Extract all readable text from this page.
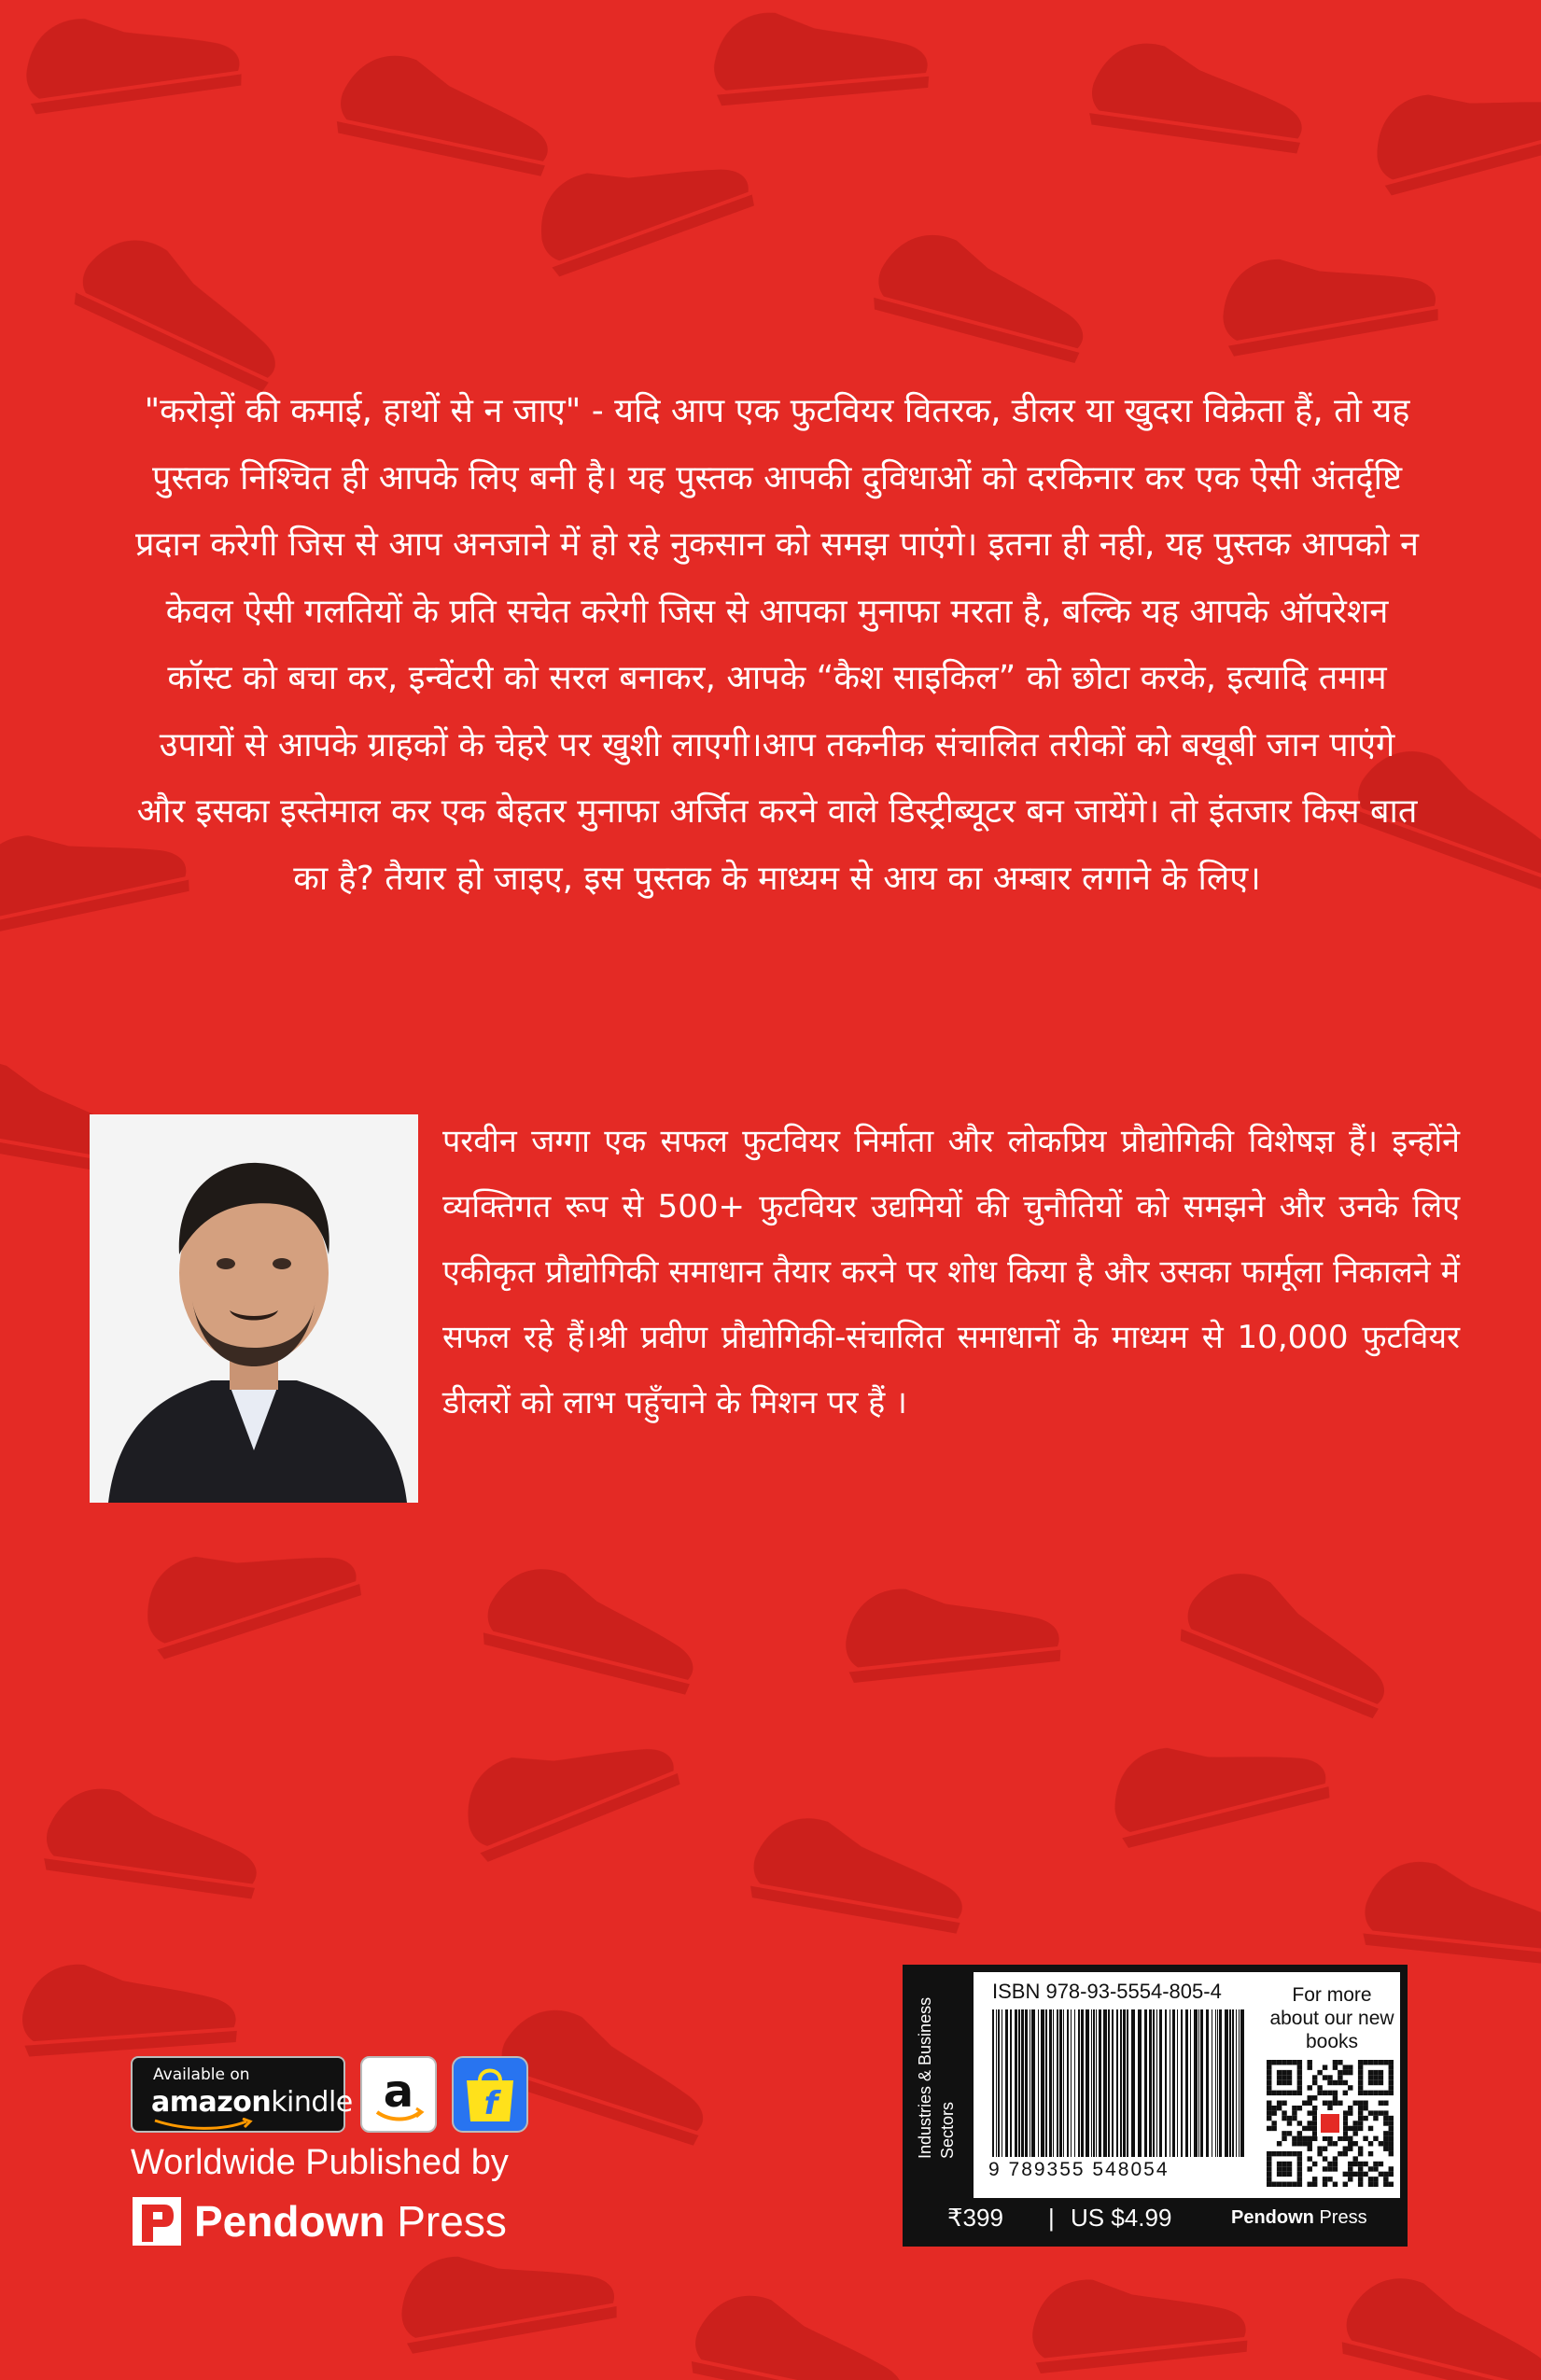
"करोड़ों की कमाई, हाथों से न जाए" - यदि आप एक फुटवियर वितरक, डीलर या खुदरा विक्रेता हैं, तो यह पुस्तक निश्चित ही आपके लिए बनी है। यह पुस्तक आपकी दुविधाओं को दरकिनार कर एक ऐसी अंतर्दृष्टि प्रदान करेगी जिस से आप अनजाने में हो रहे नुकसान को समझ पाएंगे। इतना ही नही, यह पुस्तक आपको न केवल ऐसी गलतियों के प्रति सचेत करेगी जिस से आपका मुनाफा मरता है, बल्कि यह आपके ऑपरेशन कॉस्ट को बचा कर, इन्वेंटरी को सरल बनाकर, आपके “कैश साइकिल” को छोटा करके, इत्यादि तमाम उपायों से आपके ग्राहकों के चेहरे पर खुशी लाएगी।आप तकनीक संचालित तरीकों को बखूबी जान पाएंगे और इसका इस्तेमाल कर एक बेहतर मुनाफा अर्जित करने वाले डिस्ट्रीब्यूटर बन जायेंगे। तो इंतजार किस बात का है? तैयार हो जाइए, इस पुस्तक के माध्यम से आय का अम्बार लगाने के लिए।
परवीन जग्गा एक सफल फुटवियर निर्माता और लोकप्रिय प्रौद्योगिकी विशेषज्ञ हैं। इन्होंने व्यक्तिगत रूप से 500+ फुटवियर उद्यमियों की चुनौतियों को समझने और उनके लिए एकीकृत प्रौद्योगिकी समाधान तैयार करने पर शोध किया है और उसका फार्मूला निकालने में सफल रहे हैं।श्री प्रवीण प्रौद्योगिकी-संचालित समाधानों के माध्यम से 10,000 फुटवियर डीलरों को लाभ पहुँचाने के मिशन पर हैं ।
Available on
amazonkindle a f
Worldwide Published by
Pendown Press
Industries & Business Sectors
ISBN 978-93-5554-805-4
9 789355 548054
For more about our new books
₹399 | US $4.99	Pendown Press
